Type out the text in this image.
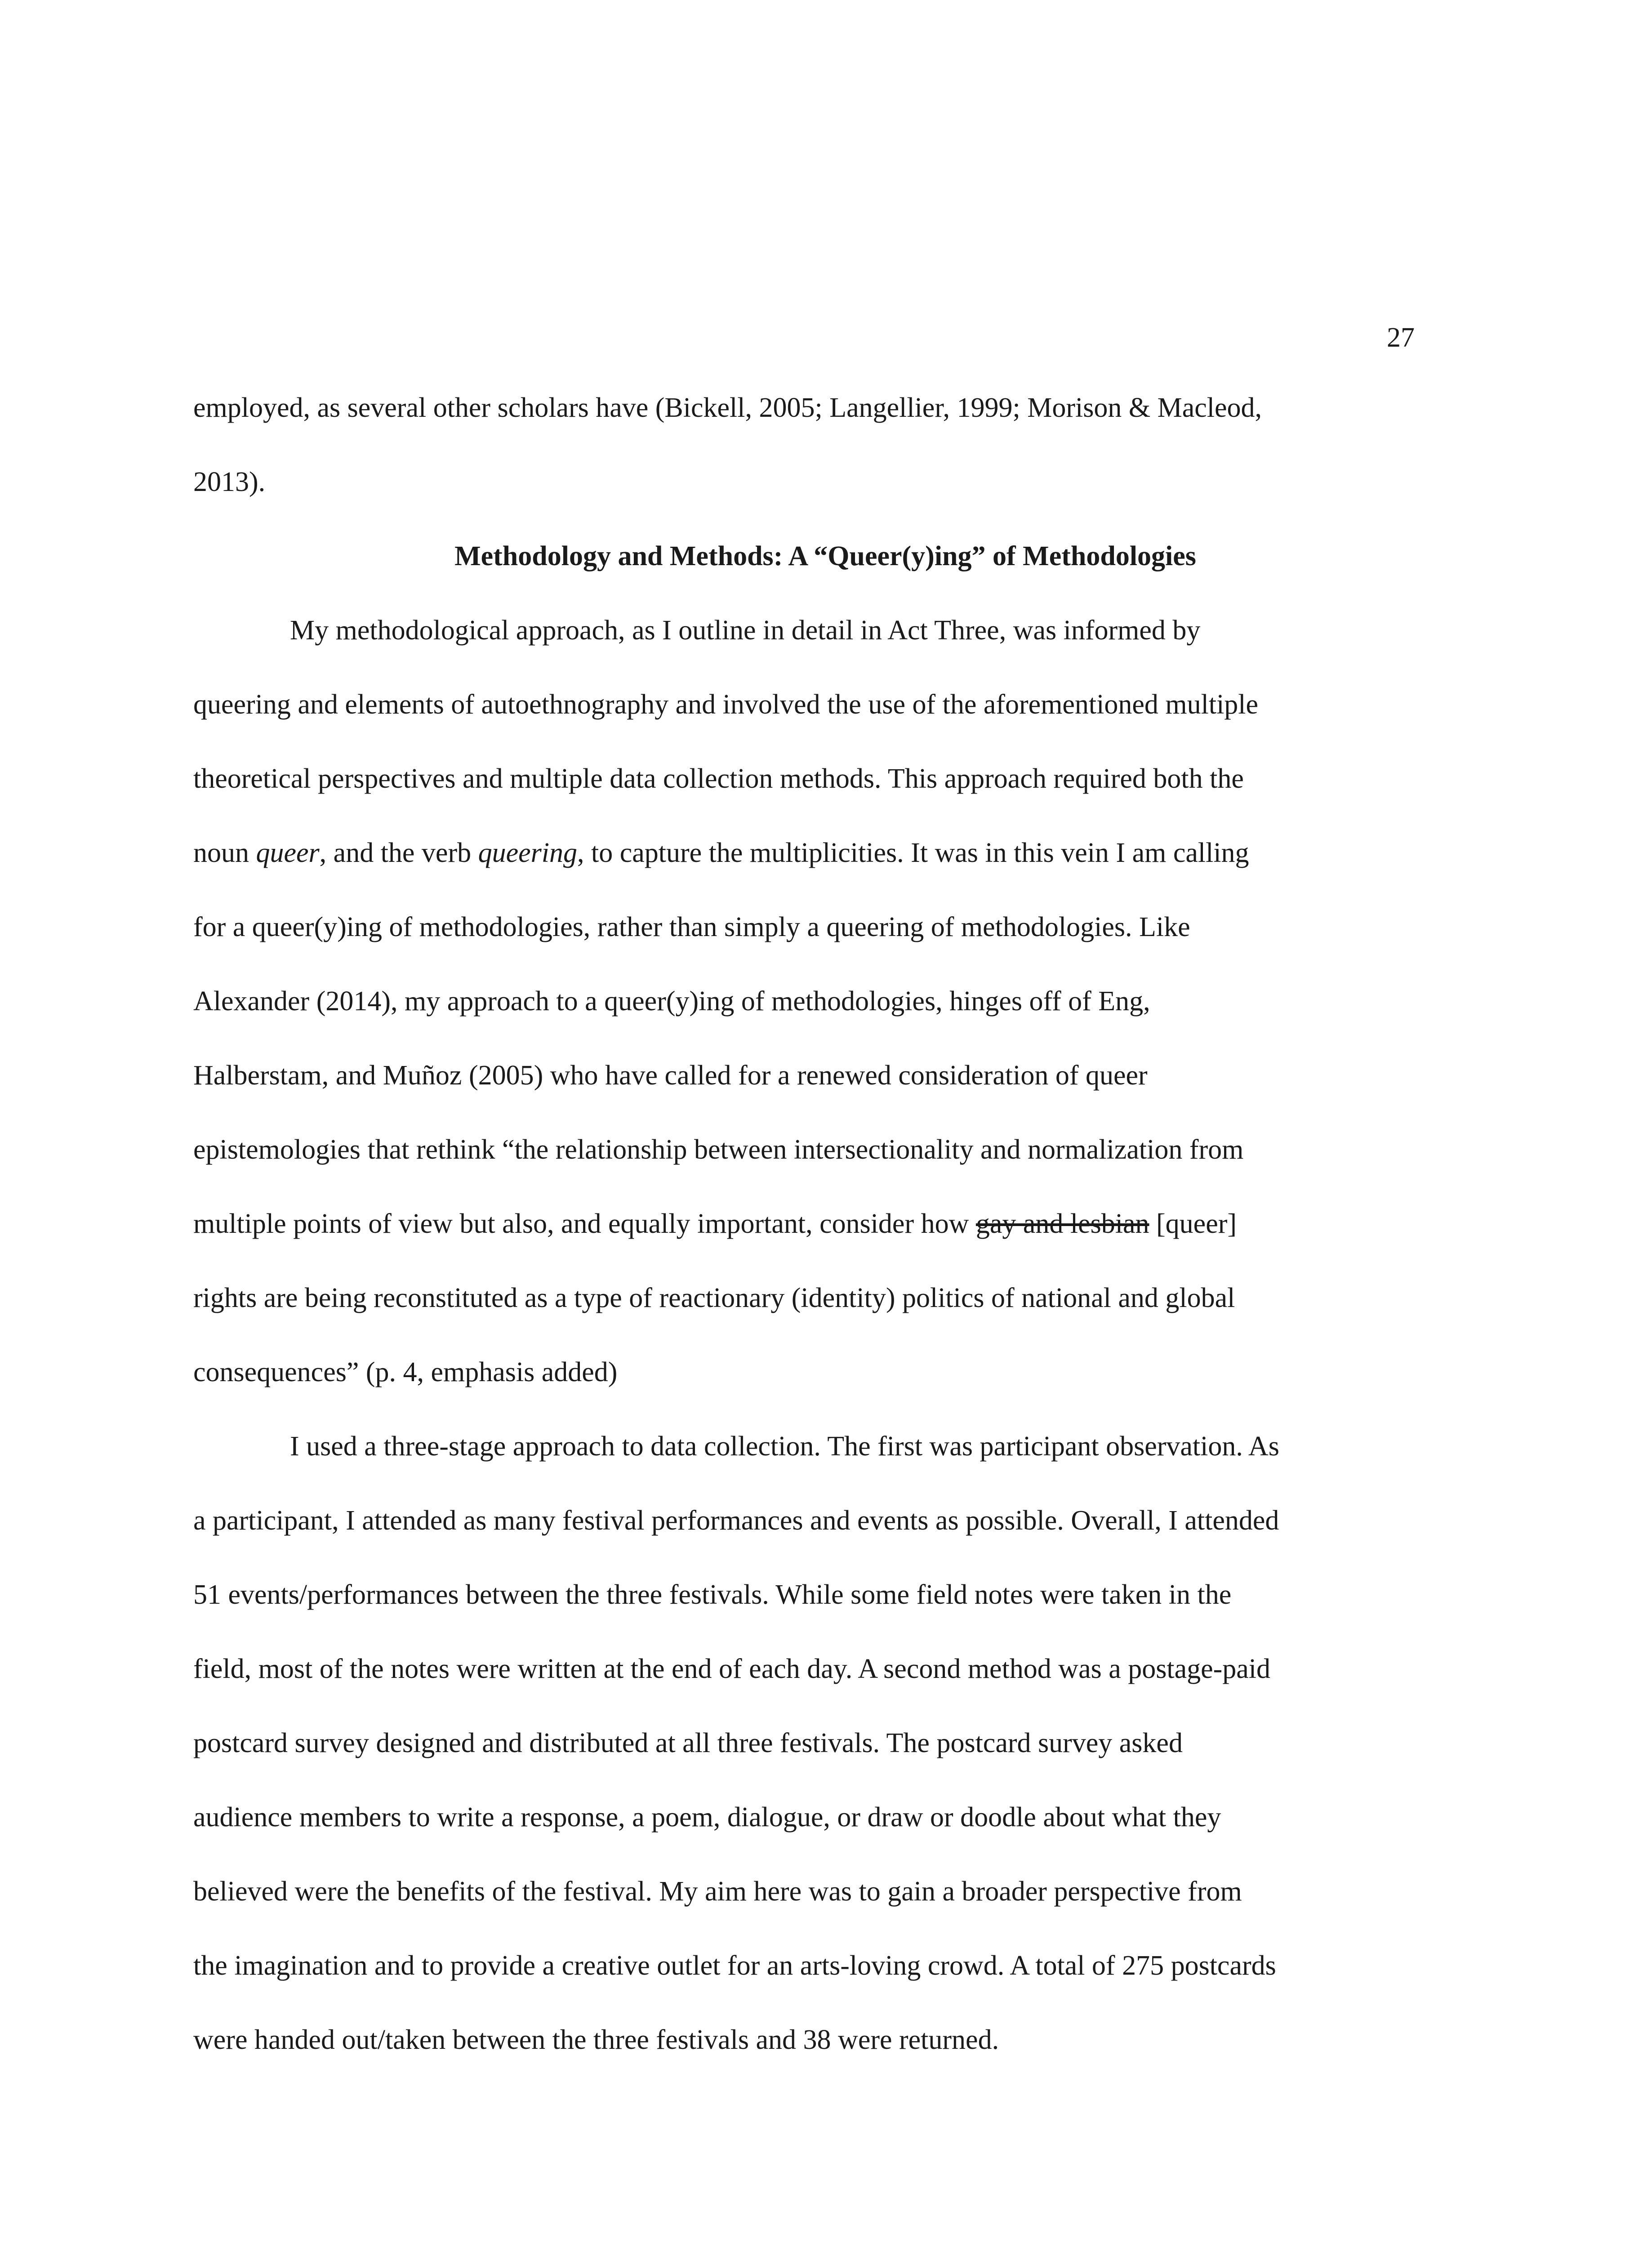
27
employed, as several other scholars have (Bickell, 2005; Langellier, 1999; Morison & Macleod,
2013).
Methodology and Methods: A “Queer(y)ing” of Methodologies
My methodological approach, as I outline in detail in Act Three, was informed by
queering and elements of autoethnography and involved the use of the aforementioned multiple
theoretical perspectives and multiple data collection methods. This approach required both the
noun queer, and the verb queering, to capture the multiplicities. It was in this vein I am calling
for a queer(y)ing of methodologies, rather than simply a queering of methodologies. Like
Alexander (2014), my approach to a queer(y)ing of methodologies, hinges off of Eng,
Halberstam, and Muñoz (2005) who have called for a renewed consideration of queer
epistemologies that rethink “the relationship between intersectionality and normalization from
multiple points of view but also, and equally important, consider how gay and lesbian [queer]
rights are being reconstituted as a type of reactionary (identity) politics of national and global
consequences” (p. 4, emphasis added)
I used a three-stage approach to data collection. The first was participant observation. As
a participant, I attended as many festival performances and events as possible. Overall, I attended
51 events/performances between the three festivals. While some field notes were taken in the
field, most of the notes were written at the end of each day. A second method was a postage-paid
postcard survey designed and distributed at all three festivals. The postcard survey asked
audience members to write a response, a poem, dialogue, or draw or doodle about what they
believed were the benefits of the festival. My aim here was to gain a broader perspective from
the imagination and to provide a creative outlet for an arts-loving crowd. A total of 275 postcards
were handed out/taken between the three festivals and 38 were returned.
